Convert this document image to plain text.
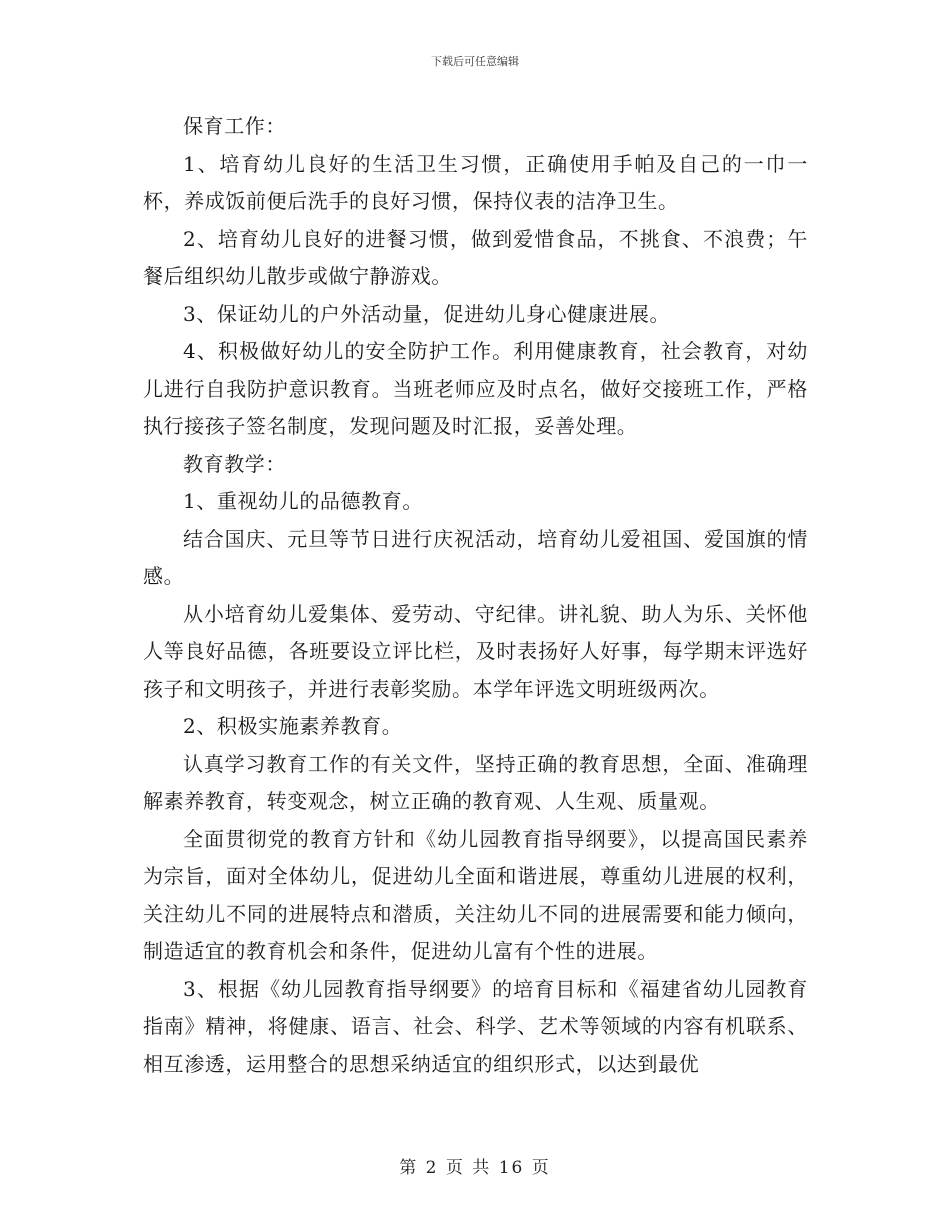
下载后可任意编辑

保育工作：

1、培育幼儿良好的生活卫生习惯，正确使用手帕及自己的一巾一杯，养成饭前便后洗手的良好习惯，保持仪表的洁净卫生。

2、培育幼儿良好的进餐习惯，做到爱惜食品，不挑食、不浪费；午餐后组织幼儿散步或做宁静游戏。

3、保证幼儿的户外活动量，促进幼儿身心健康进展。

4、积极做好幼儿的安全防护工作。利用健康教育，社会教育，对幼儿进行自我防护意识教育。当班老师应及时点名，做好交接班工作，严格执行接孩子签名制度，发现问题及时汇报，妥善处理。

教育教学：

1、重视幼儿的品德教育。

结合国庆、元旦等节日进行庆祝活动，培育幼儿爱祖国、爱国旗的情感。

从小培育幼儿爱集体、爱劳动、守纪律。讲礼貌、助人为乐、关怀他人等良好品德，各班要设立评比栏，及时表扬好人好事，每学期末评选好孩子和文明孩子，并进行表彰奖励。本学年评选文明班级两次。

2、积极实施素养教育。

认真学习教育工作的有关文件，坚持正确的教育思想，全面、准确理解素养教育，转变观念，树立正确的教育观、人生观、质量观。

全面贯彻党的教育方针和《幼儿园教育指导纲要》，以提高国民素养为宗旨，面对全体幼儿，促进幼儿全面和谐进展，尊重幼儿进展的权利，关注幼儿不同的进展特点和潜质，关注幼儿不同的进展需要和能力倾向，制造适宜的教育机会和条件，促进幼儿富有个性的进展。

3、根据《幼儿园教育指导纲要》的培育目标和《福建省幼儿园教育指南》精神，将健康、语言、社会、科学、艺术等领域的内容有机联系、相互渗透，运用整合的思想采纳适宜的组织形式，以达到最优

第 2 页 共 16 页
